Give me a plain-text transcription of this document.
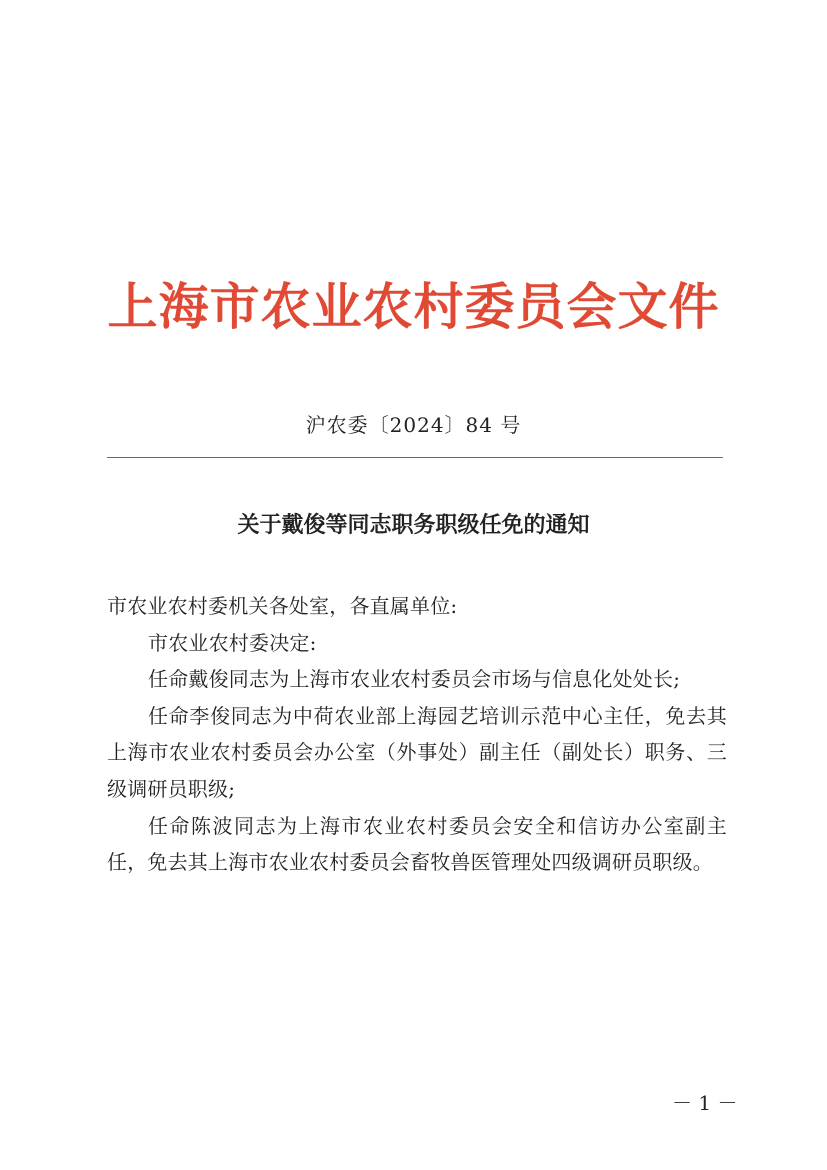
上海市农业农村委员会文件
沪农委〔2024〕84 号
关于戴俊等同志职务职级任免的通知

市农业农村委机关各处室，各直属单位:

市农业农村委决定:

任命戴俊同志为上海市农业农村委员会市场与信息化处处长;

任命李俊同志为中荷农业部上海园艺培训示范中心主任，免去其上海市农业农村委员会办公室（外事处）副主任（副处长）职务、三级调研员职级;

任命陈波同志为上海市农业农村委员会安全和信访办公室副主任，免去其上海市农业农村委员会畜牧兽医管理处四级调研员职级。

－ 1 －
